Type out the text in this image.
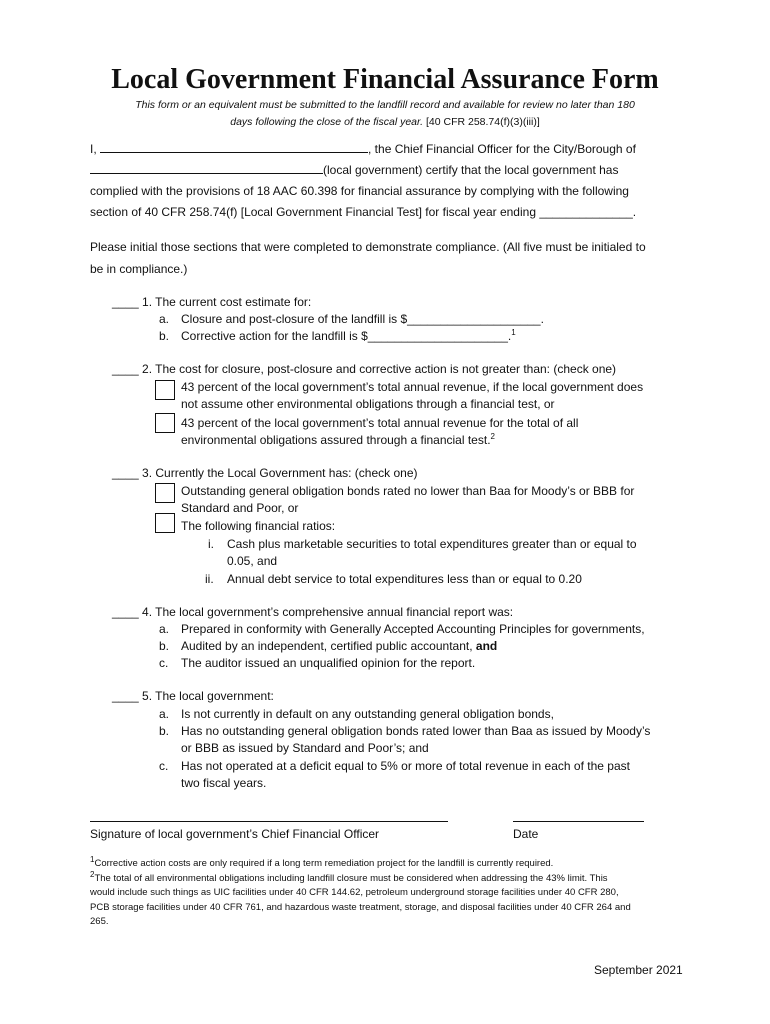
Local Government Financial Assurance Form
This form or an equivalent must be submitted to the landfill record and available for review no later than 180
days following the close of the fiscal year. [40 CFR 258.74(f)(3)(iii)]
I,	, the Chief Financial Officer for the City/Borough of
(local government) certify that the local government has
complied with the provisions of 18 AAC 60.398 for financial assurance by complying with the following
section of 40 CFR 258.74(f) [Local Government Financial Test] for fiscal year ending ______________.
Please initial those sections that were completed to demonstrate compliance. (All five must be initialed to
be in compliance.)
____ 1. The current cost estimate for:
a. Closure and post-closure of the landfill is $____________________.
b. Corrective action for the landfill is $_____________________.$^1$
____ 2. The cost for closure, post-closure and corrective action is not greater than: (check one)
43 percent of the local government’s total annual revenue, if the local government does
not assume other environmental obligations through a financial test, or
43 percent of the local government’s total annual revenue for the total of all
environmental obligations assured through a financial test.$^2$
____ 3. Currently the Local Government has: (check one)
Outstanding general obligation bonds rated no lower than Baa for Moody’s or BBB for
Standard and Poor, or
The following financial ratios:
i. Cash plus marketable securities to total expenditures greater than or equal to
0.05, and
ii. Annual debt service to total expenditures less than or equal to 0.20
____ 4. The local government’s comprehensive annual financial report was:
a. Prepared in conformity with Generally Accepted Accounting Principles for governments,
b. Audited by an independent, certified public accountant, and
c. The auditor issued an unqualified opinion for the report.
____ 5. The local government:
a. Is not currently in default on any outstanding general obligation bonds,
b. Has no outstanding general obligation bonds rated lower than Baa as issued by Moody’s
or BBB as issued by Standard and Poor’s; and
c. Has not operated at a deficit equal to 5% or more of total revenue in each of the past
two fiscal years.
Signature of local government’s Chief Financial Officer	Date
$^1$Corrective action costs are only required if a long term remediation project for the landfill is currently required.
$^2$The total of all environmental obligations including landfill closure must be considered when addressing the 43% limit. This
would include such things as UIC facilities under 40 CFR 144.62, petroleum underground storage facilities under 40 CFR 280,
PCB storage facilities under 40 CFR 761, and hazardous waste treatment, storage, and disposal facilities under 40 CFR 264 and
265.
September 2021
